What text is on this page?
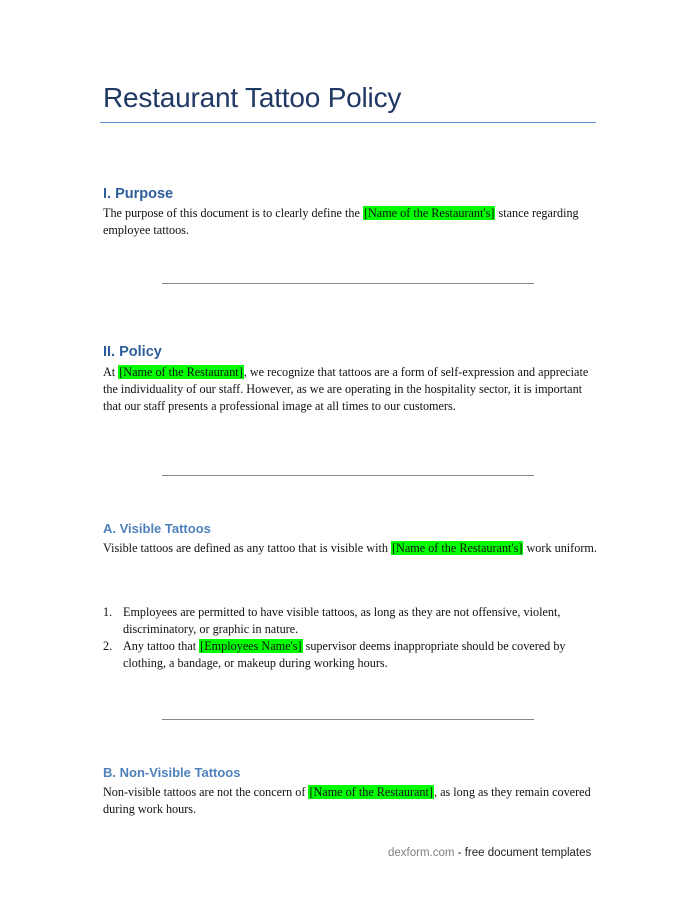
Restaurant Tattoo Policy
I. Purpose
The purpose of this document is to clearly define the [Name of the Restaurant's] stance regarding employee tattoos.
II. Policy
At [Name of the Restaurant], we recognize that tattoos are a form of self-expression and appreciate the individuality of our staff. However, as we are operating in the hospitality sector, it is important that our staff presents a professional image at all times to our customers.
A. Visible Tattoos
Visible tattoos are defined as any tattoo that is visible with [Name of the Restaurant's] work uniform.
1. Employees are permitted to have visible tattoos, as long as they are not offensive, violent, discriminatory, or graphic in nature.
2. Any tattoo that [Employees Name's] supervisor deems inappropriate should be covered by clothing, a bandage, or makeup during working hours.
B. Non-Visible Tattoos
Non-visible tattoos are not the concern of [Name of the Restaurant], as long as they remain covered during work hours.
dexform.com - free document templates
